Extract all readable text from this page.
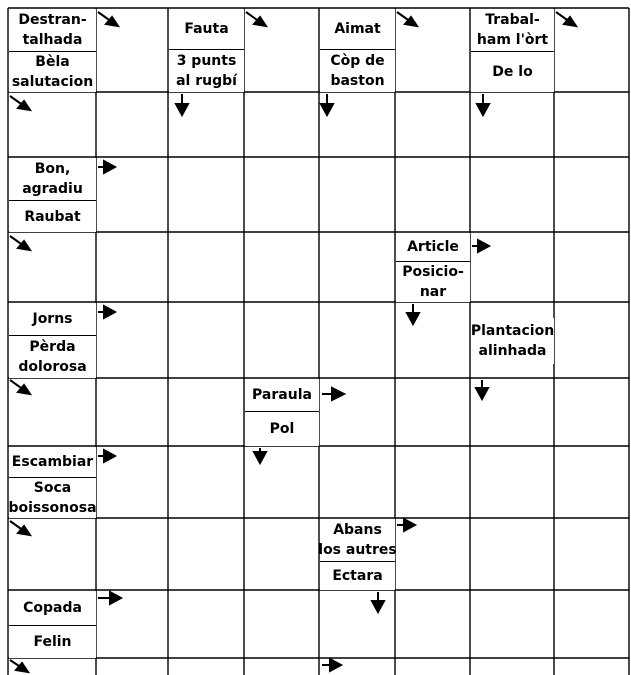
Destran-
talhada
Bèla
salutacion
Fauta
3 punts
al rugbí
Aimat
Còp de
baston
Trabal-
ham l'òrt
De lo
Bon,
agradiu
Raubat
Article
Posicio-
nar
Jorns
Pèrda
dolorosa
Plantacion
alinhada
Paraula
Pol
Escambiar
Soca
boissonosa
Abans
los autres
Ectara
Copada
Felin
